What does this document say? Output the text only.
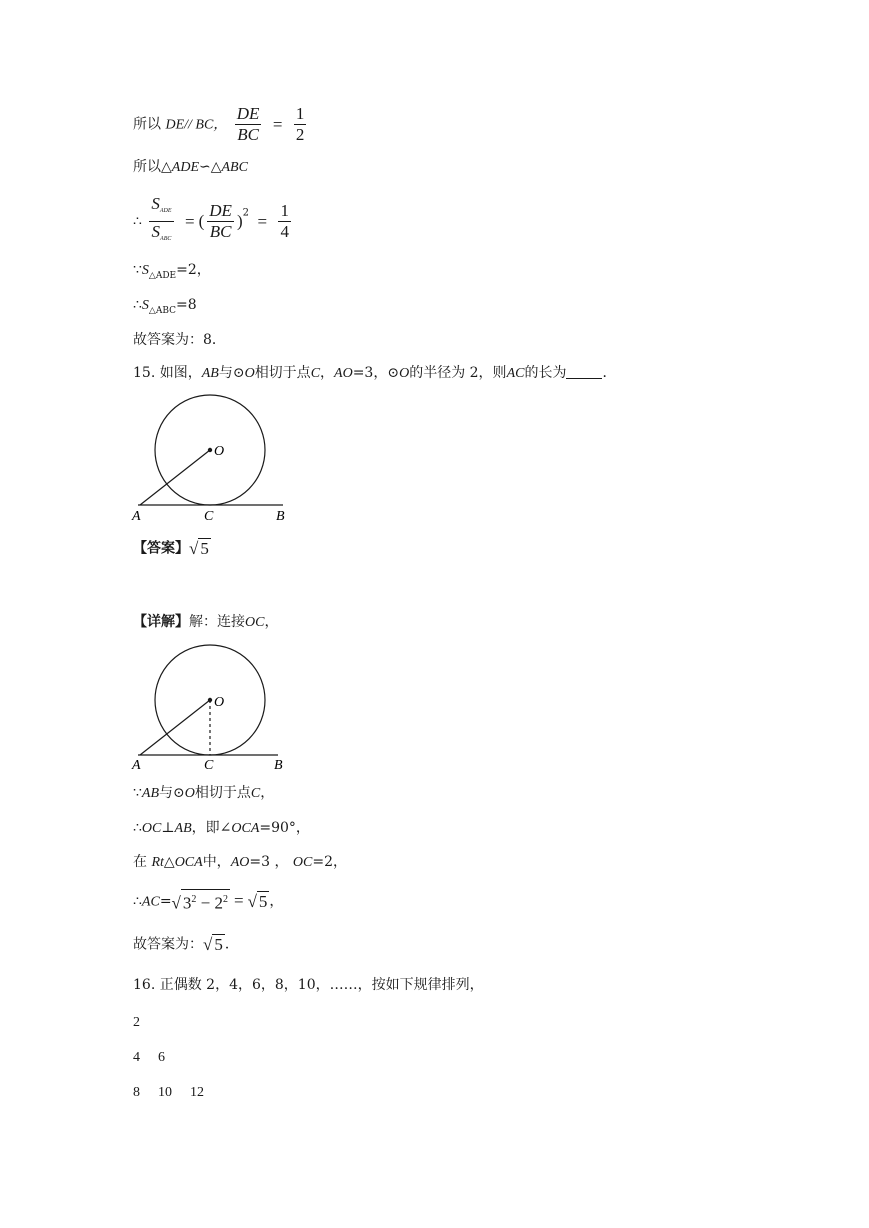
所以 DE// BC， $\frac{DE}{BC} = \frac{1}{2}$
所以△ADE∽△ABC
∴ $\frac{\text{SADE}}{\text{SABC}}$ = ( $\frac{DE}{BC} )^2 = \frac{1}{4}$
$\because S_{\triangle ADE}=2$，
$\therefore S_{\triangle ABC}=8$
故答案为：8．
15. 如图，AB与⊙O相切于点C，AO=3，⊙O的半径为 2，则AC的长为	．
O
A	C	B
【答案】√ 5
【详解】解：连接OC，
O
A	C	B
∵AB与⊙O相切于点C，
∴OC⊥AB，即∠OCA=90°，
在 Rt△OCA中，AO=3 ， OC=2，
∴AC=√ $3^2 - 2^2$ = √ 5 ，
故答案为：√ 5 ．
16. 正偶数 2，4，6，8，10，……，按如下规律排列，
2
4 6
8 10 12
